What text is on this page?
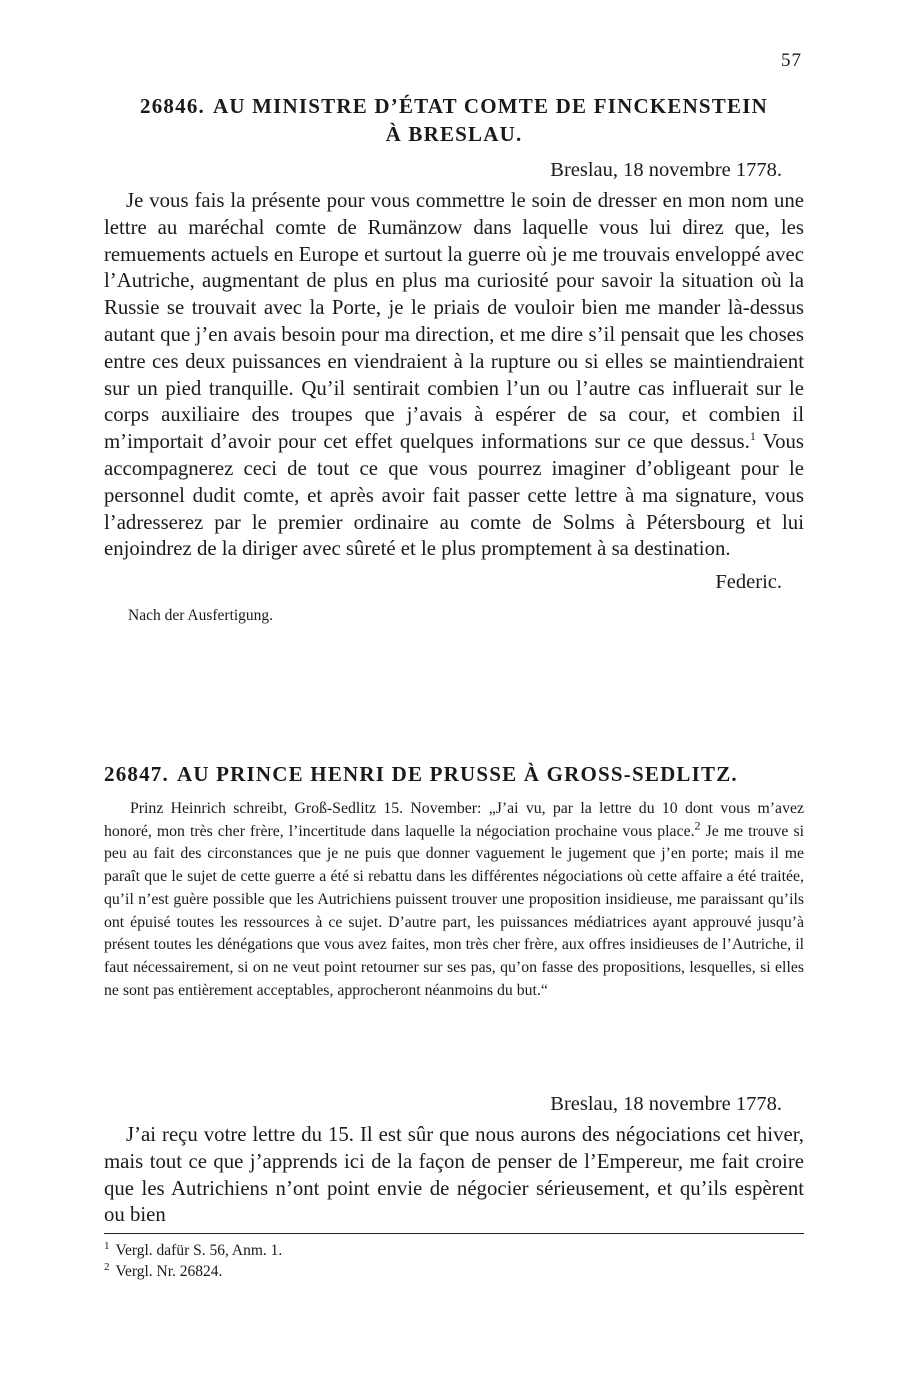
57
26846. AU MINISTRE D’ÉTAT COMTE DE FINCKENSTEIN
À BRESLAU.
Breslau, 18 novembre 1778.

Je vous fais la présente pour vous commettre le soin de dresser en mon nom une lettre au maréchal comte de Rumänzow dans laquelle vous lui direz que, les remuements actuels en Europe et surtout la guerre où je me trouvais enveloppé avec l’Autriche, augmentant de plus en plus ma curiosité pour savoir la situation où la Russie se trouvait avec la Porte, je le priais de vouloir bien me mander là-dessus autant que j’en avais besoin pour ma direction, et me dire s’il pensait que les choses entre ces deux puissances en viendraient à la rupture ou si elles se maintiendraient sur un pied tranquille. Qu’il sentirait combien l’un ou l’autre cas influerait sur le corps auxiliaire des troupes que j’avais à espérer de sa cour, et combien il m’importait d’avoir pour cet effet quelques informations sur ce que dessus.$^1$ Vous accompagnerez ceci de tout ce que vous pourrez imaginer d’obligeant pour le personnel dudit comte, et après avoir fait passer cette lettre à ma signature, vous l’adresserez par le premier ordinaire au comte de Solms à Pétersbourg et lui enjoindrez de la diriger avec sûreté et le plus promptement à sa destination.

Federic.
Nach der Ausfertigung.
26847. AU PRINCE HENRI DE PRUSSE À GROSS-SEDLITZ.

Prinz Heinrich schreibt, Groß-Sedlitz 15. November: „J’ai vu, par la lettre du 10 dont vous m’avez honoré, mon très cher frère, l’incertitude dans laquelle la négociation prochaine vous place.$^2$ Je me trouve si peu au fait des circonstances que je ne puis que donner vaguement le jugement que j’en porte; mais il me paraît que le sujet de cette guerre a été si rebattu dans les différentes négociations où cette affaire a été traitée, qu’il n’est guère possible que les Autrichiens puissent trouver une proposition insidieuse, me paraissant qu’ils ont épuisé toutes les ressources à ce sujet. D’autre part, les puissances médiatrices ayant approuvé jusqu’à présent toutes les dénégations que vous avez faites, mon très cher frère, aux offres insidieuses de l’Autriche, il faut nécessairement, si on ne veut point retourner sur ses pas, qu’on fasse des propositions, lesquelles, si elles ne sont pas entièrement acceptables, approcheront néanmoins du but.“

Breslau, 18 novembre 1778.

J’ai reçu votre lettre du 15. Il est sûr que nous aurons des négociations cet hiver, mais tout ce que j’apprends ici de la façon de penser de l’Empereur, me fait croire que les Autrichiens n’ont point envie de négocier sérieusement, et qu’ils espèrent ou bien

$^1$ Vergl. dafür S. 56, Anm. 1.
$^2$ Vergl. Nr. 26824.
